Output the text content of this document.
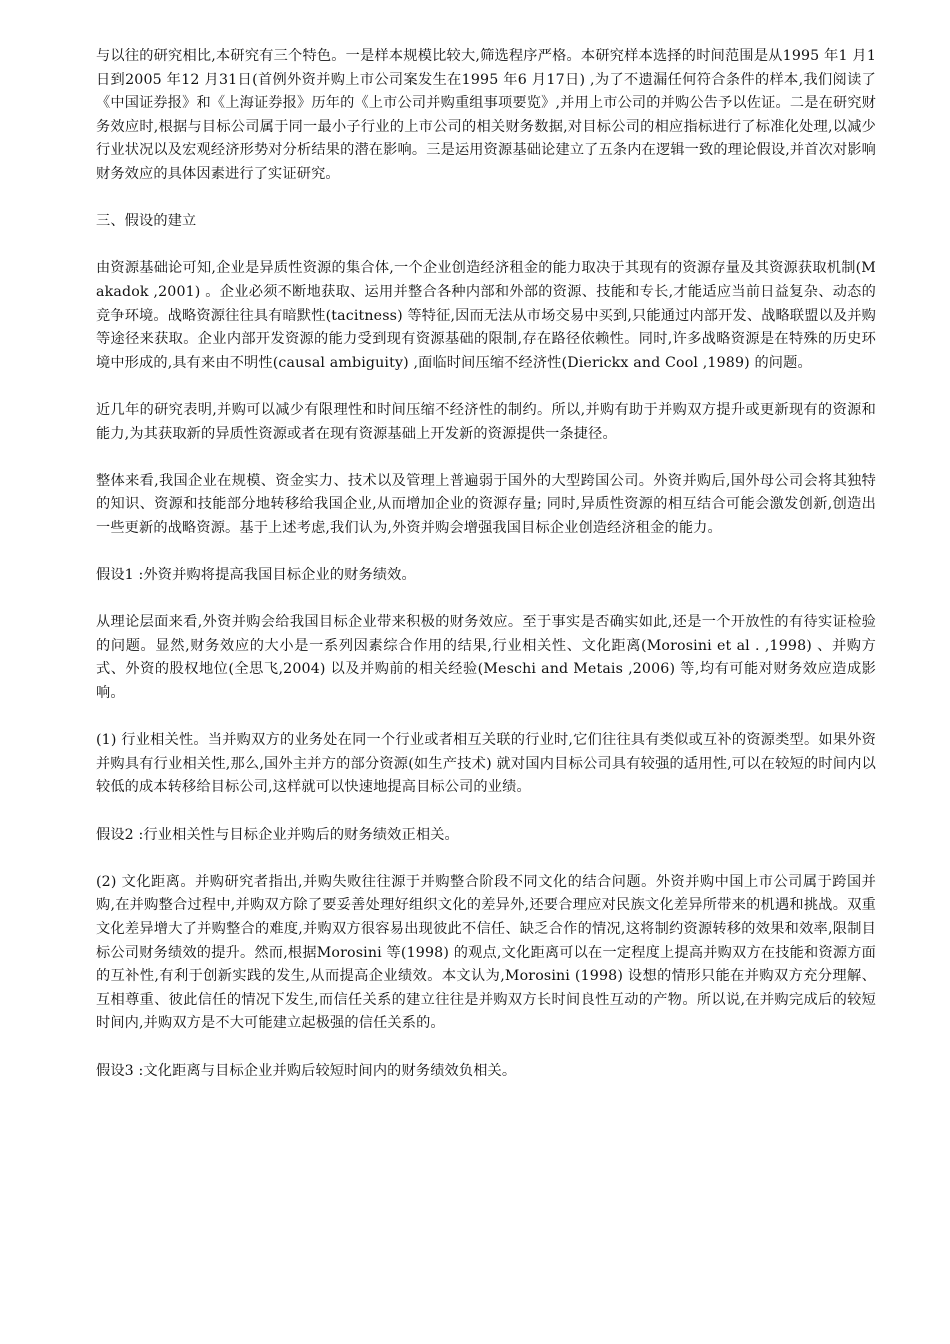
与以往的研究相比,本研究有三个特色。一是样本规模比较大,筛选程序严格。本研究样本选择的时间范围是从1995 年1 月1 日到2005 年12 月31日(首例外资并购上市公司案发生在1995 年6 月17日) ,为了不遗漏任何符合条件的样本,我们阅读了《中国证券报》和《上海证券报》历年的《上市公司并购重组事项要览》,并用上市公司的并购公告予以佐证。二是在研究财务效应时,根据与目标公司属于同一最小子行业的上市公司的相关财务数据,对目标公司的相应指标进行了标准化处理,以减少行业状况以及宏观经济形势对分析结果的潜在影响。三是运用资源基础论建立了五条内在逻辑一致的理论假设,并首次对影响财务效应的具体因素进行了实证研究。

三、假设的建立

由资源基础论可知,企业是异质性资源的集合体,一个企业创造经济租金的能力取决于其现有的资源存量及其资源获取机制(Makadok ,2001) 。企业必须不断地获取、运用并整合各种内部和外部的资源、技能和专长,才能适应当前日益复杂、动态的竞争环境。战略资源往往具有暗默性(tacitness) 等特征,因而无法从市场交易中买到,只能通过内部开发、战略联盟以及并购等途径来获取。企业内部开发资源的能力受到现有资源基础的限制,存在路径依赖性。同时,许多战略资源是在特殊的历史环境中形成的,具有来由不明性(causal ambiguity) ,面临时间压缩不经济性(Dierickx and Cool ,1989) 的问题。

近几年的研究表明,并购可以减少有限理性和时间压缩不经济性的制约。所以,并购有助于并购双方提升或更新现有的资源和能力,为其获取新的异质性资源或者在现有资源基础上开发新的资源提供一条捷径。

整体来看,我国企业在规模、资金实力、技术以及管理上普遍弱于国外的大型跨国公司。外资并购后,国外母公司会将其独特的知识、资源和技能部分地转移给我国企业,从而增加企业的资源存量; 同时,异质性资源的相互结合可能会激发创新,创造出一些更新的战略资源。基于上述考虑,我们认为,外资并购会增强我国目标企业创造经济租金的能力。

假设1 :外资并购将提高我国目标企业的财务绩效。

从理论层面来看,外资并购会给我国目标企业带来积极的财务效应。至于事实是否确实如此,还是一个开放性的有待实证检验的问题。显然,财务效应的大小是一系列因素综合作用的结果,行业相关性、文化距离(Morosini et al . ,1998) 、并购方式、外资的股权地位(全思飞,2004) 以及并购前的相关经验(Meschi and Metais ,2006) 等,均有可能对财务效应造成影响。

(1) 行业相关性。当并购双方的业务处在同一个行业或者相互关联的行业时,它们往往具有类似或互补的资源类型。如果外资并购具有行业相关性,那么,国外主并方的部分资源(如生产技术) 就对国内目标公司具有较强的适用性,可以在较短的时间内以较低的成本转移给目标公司,这样就可以快速地提高目标公司的业绩。

假设2 :行业相关性与目标企业并购后的财务绩效正相关。

(2) 文化距离。并购研究者指出,并购失败往往源于并购整合阶段不同文化的结合问题。外资并购中国上市公司属于跨国并购,在并购整合过程中,并购双方除了要妥善处理好组织文化的差异外,还要合理应对民族文化差异所带来的机遇和挑战。双重文化差异增大了并购整合的难度,并购双方很容易出现彼此不信任、缺乏合作的情况,这将制约资源转移的效果和效率,限制目标公司财务绩效的提升。然而,根据Morosini 等(1998) 的观点,文化距离可以在一定程度上提高并购双方在技能和资源方面的互补性,有利于创新实践的发生,从而提高企业绩效。本文认为,Morosini (1998) 设想的情形只能在并购双方充分理解、互相尊重、彼此信任的情况下发生,而信任关系的建立往往是并购双方长时间良性互动的产物。所以说,在并购完成后的较短时间内,并购双方是不大可能建立起极强的信任关系的。

假设3 :文化距离与目标企业并购后较短时间内的财务绩效负相关。
